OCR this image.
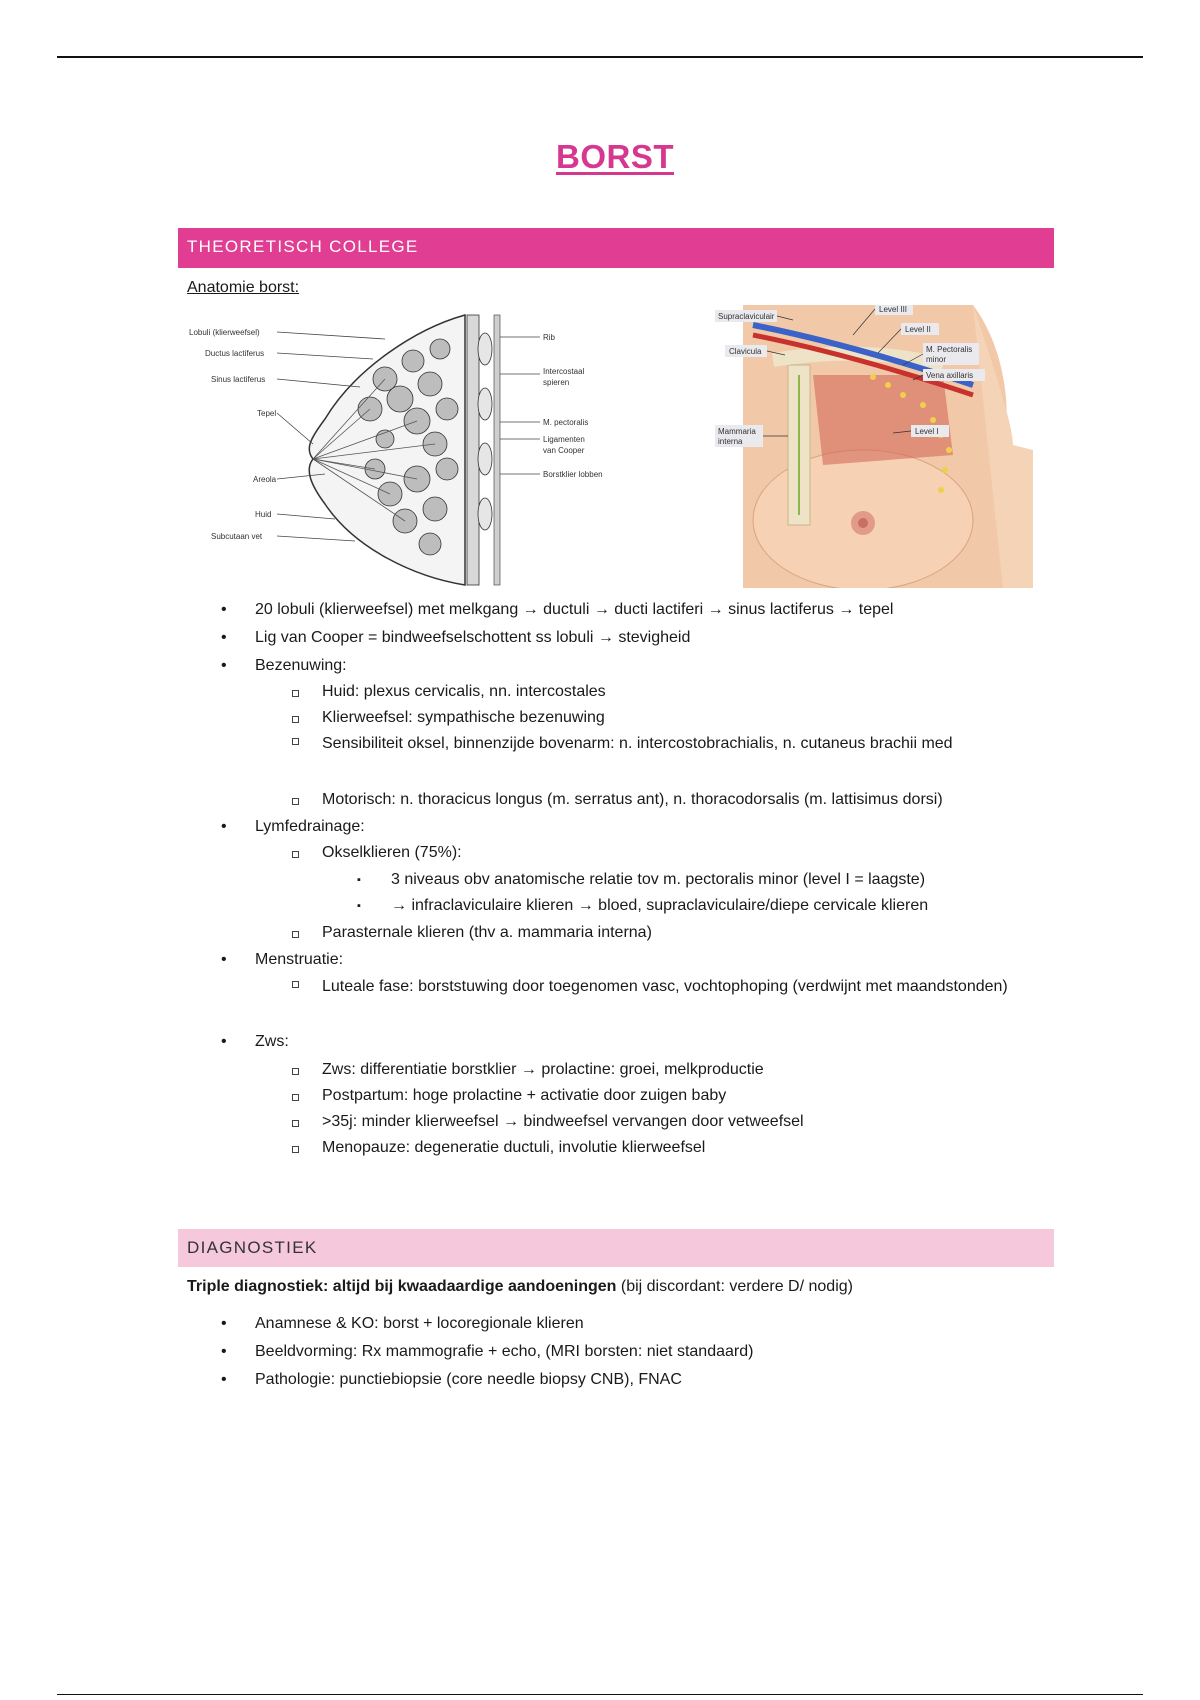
BORST
THEORETISCH COLLEGE
Anatomie borst:
Lobuli (klierweefsel)
Ductus lactiferus
Sinus lactiferus
Tepel
Areola
Huid
Subcutaan vet
Rib
Intercostaal
spieren
M. pectoralis
Ligamenten
van Cooper
Borstklier lobben
Supraclaviculair
Clavicula
Mammaria
interna
Level III
Level II
M. Pectoralis
minor
Vena axillaris
Level I
• 20 lobuli (klierweefsel) met melkgang → ductuli → ducti lactiferi → sinus lactiferus → tepel
• Lig van Cooper = bindweefselschottent ss lobuli → stevigheid
• Bezenuwing:
Huid: plexus cervicalis, nn. intercostales
Klierweefsel: sympathische bezenuwing
Sensibiliteit oksel, binnenzijde bovenarm: n. intercostobrachialis, n. cutaneus brachii med
Motorisch: n. thoracicus longus (m. serratus ant), n. thoracodorsalis (m. lattisimus dorsi)
• Lymfedrainage:
Okselklieren (75%):
▪ 3 niveaus obv anatomische relatie tov m. pectoralis minor (level I = laagste)
▪ → infraclaviculaire klieren → bloed, supraclaviculaire/diepe cervicale klieren
Parasternale klieren (thv a. mammaria interna)
• Menstruatie:
Luteale fase: borststuwing door toegenomen vasc, vochtophoping (verdwijnt met maandstonden)
• Zws:
Zws: differentiatie borstklier → prolactine: groei, melkproductie
Postpartum: hoge prolactine + activatie door zuigen baby
>35j: minder klierweefsel → bindweefsel vervangen door vetweefsel
Menopauze: degeneratie ductuli, involutie klierweefsel
DIAGNOSTIEK
Triple diagnostiek: altijd bij kwaadaardige aandoeningen (bij discordant: verdere D/ nodig)
• Anamnese & KO: borst + locoregionale klieren
• Beeldvorming: Rx mammografie + echo, (MRI borsten: niet standaard)
• Pathologie: punctiebiopsie (core needle biopsy CNB), FNAC
